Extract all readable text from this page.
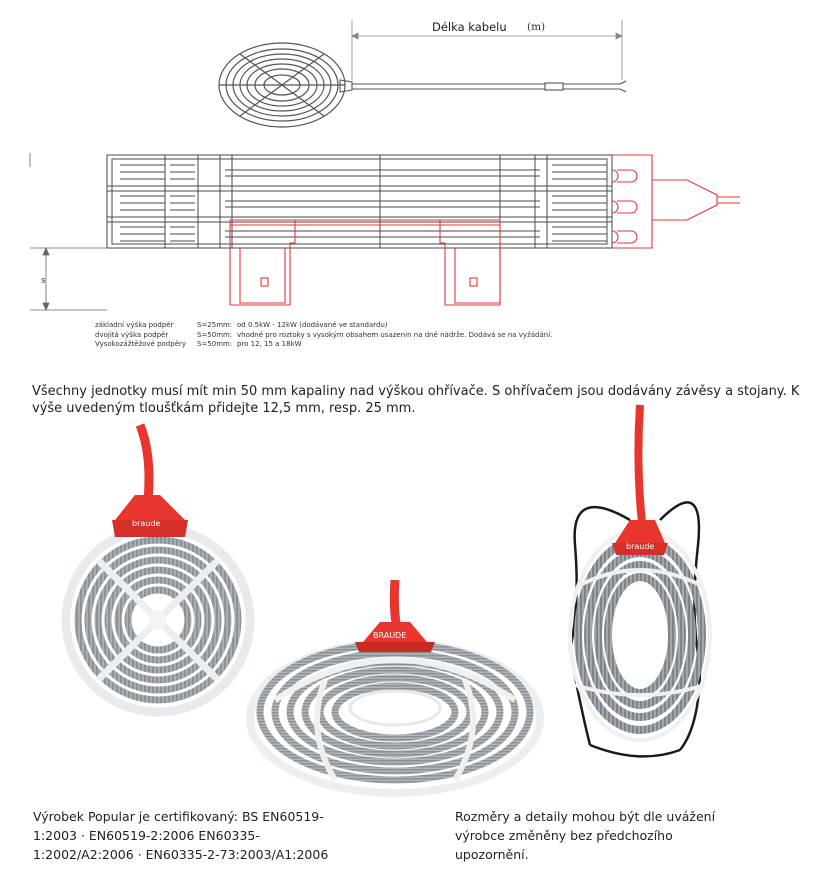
Délka kabelu (m)
s
základní výška podpěr	S=25mm: od 0.5kW - 12kW (dodávané ve standardu)
dvojitá výška podpěr	S=50mm: vhodné pro roztoky s vysokým obsahem usazenin na dně nádrže. Dodává se na vyžádání.
Vysokozážtěžové podpěry S=50mm: pro 12, 15 a 18kW
Všechny jednotky musí mít min 50 mm kapaliny nad výškou ohřívače. S ohřívačem jsou dodávány závěsy a stojany. K výše uvedeným tloušťkám přidejte 12,5 mm, resp. 25 mm.
braude
BRAUDE
braude
Výrobek Popular je certifikovaný: BS EN60519-1:2003 · EN60519-2:2006 EN60335-1:2002/A2:2006 · EN60335-2-73:2003/A1:2006
Rozměry a detaily mohou být dle uvážení výrobce změněny bez předchozího upozornění.
